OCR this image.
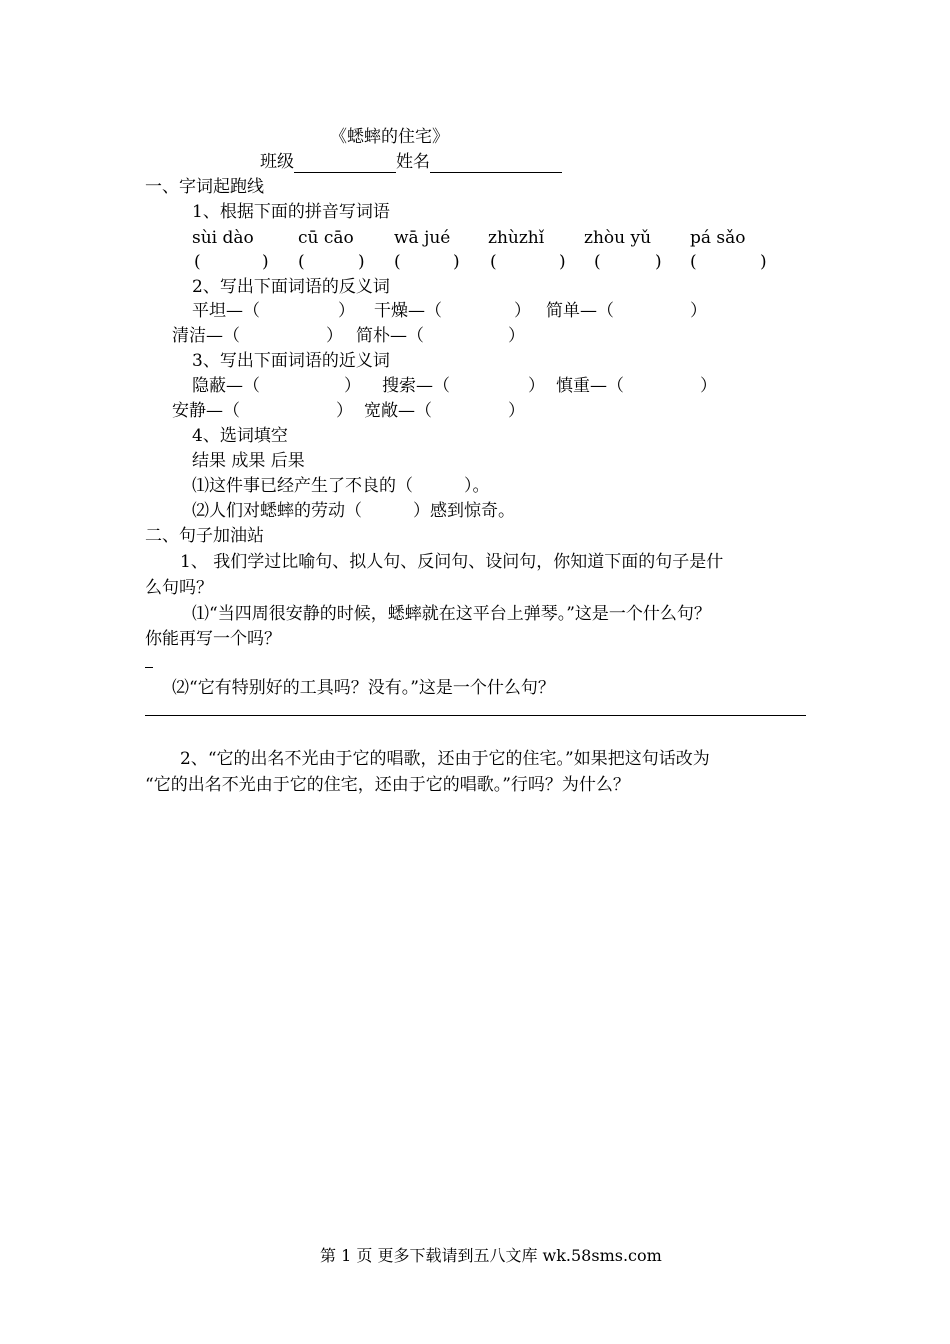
《蟋蟀的住宅》
班级	姓名
一、字词起跑线
1、根据下面的拼音写词语
sùi dào	cū cāo wā jué zhùzhǐ zhòu yǔ pá sǎo
(	) (	) (	) (	) (	) (	)
2、写出下面词语的反义词
平坦—（	） 干燥—（	） 简单—（	）
清洁—（	） 简朴—（	）
3、写出下面词语的近义词
隐蔽—（	） 搜索—（	） 慎重—（	）
安静—（	） 宽敞—（	）
4、选词填空
结果 成果 后果
⑴这件事已经产生了不良的（　　　）。
⑵人们对蟋蟀的劳动（　　　）感到惊奇。
二、句子加油站
1、 我们学过比喻句、拟人句、反问句、设问句，你知道下面的句子是什
么句吗？
⑴“当四周很安静的时候，蟋蟀就在这平台上弹琴。”这是一个什么句？
你能再写一个吗？
⑵“它有特别好的工具吗？没有。”这是一个什么句？
2、“它的出名不光由于它的唱歌，还由于它的住宅。”如果把这句话改为
“它的出名不光由于它的住宅，还由于它的唱歌。”行吗？为什么？
第 1 页 更多下载请到五八文库 wk.58sms.com
